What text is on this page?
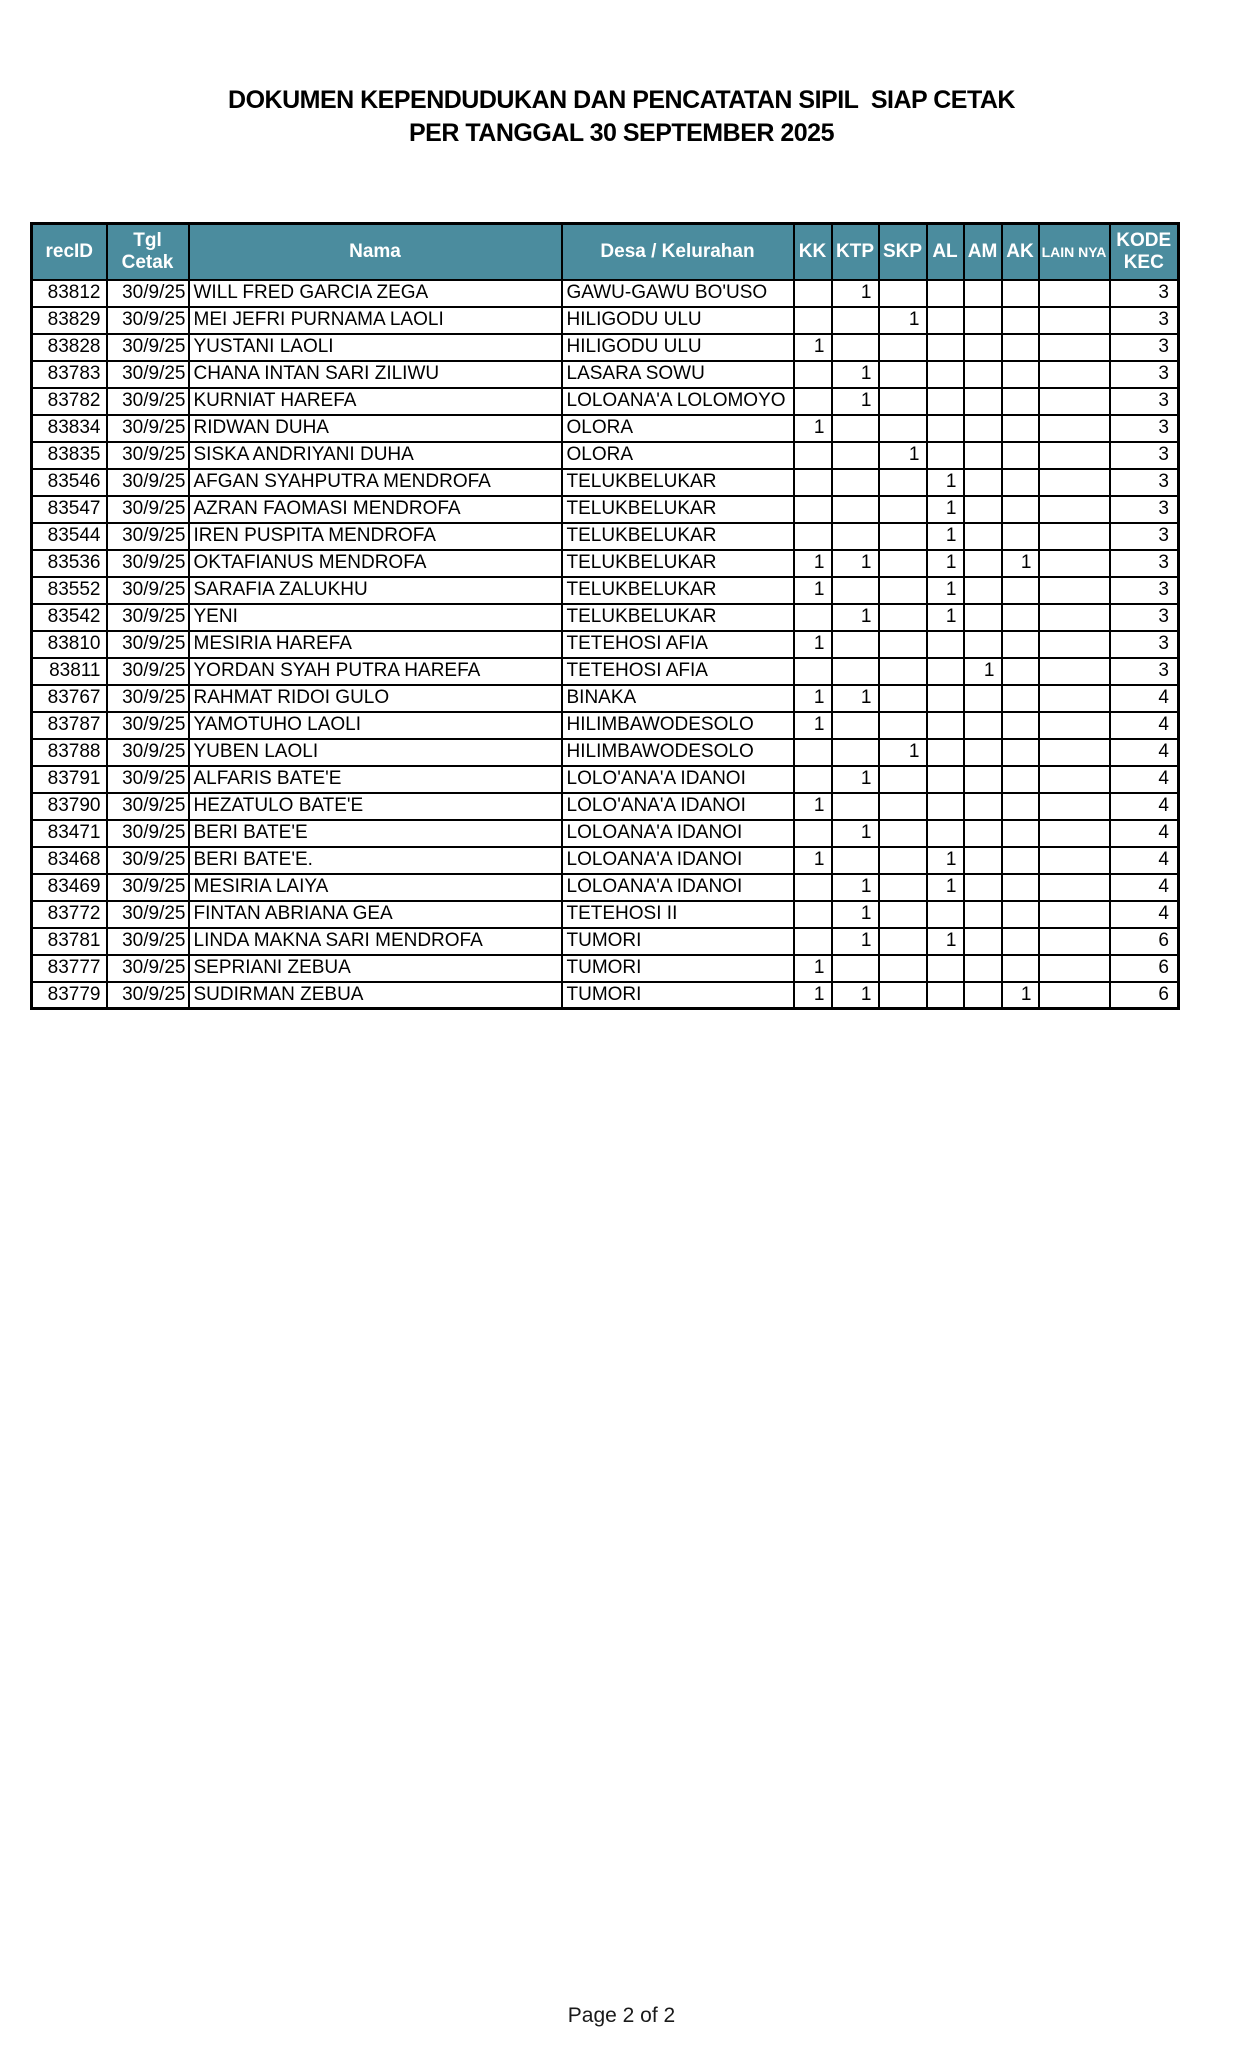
DOKUMEN KEPENDUDUKAN DAN PENCATATAN SIPIL  SIAP CETAK
PER TANGGAL 30 SEPTEMBER 2025
recID	Tgl Cetak	Nama	Desa / Kelurahan	KK	KTP	SKP	AL	AM	AK	LAIN NYA	KODE KEC
83812	30/9/25	WILL FRED GARCIA ZEGA	GAWU-GAWU BO'USO		1						3
83829	30/9/25	MEI JEFRI PURNAMA LAOLI	HILIGODU ULU			1					3
83828	30/9/25	YUSTANI LAOLI	HILIGODU ULU	1							3
83783	30/9/25	CHANA INTAN SARI ZILIWU	LASARA SOWU		1						3
83782	30/9/25	KURNIAT HAREFA	LOLOANA'A LOLOMOYO		1						3
83834	30/9/25	RIDWAN DUHA	OLORA	1							3
83835	30/9/25	SISKA ANDRIYANI DUHA	OLORA			1					3
83546	30/9/25	AFGAN SYAHPUTRA MENDROFA	TELUKBELUKAR				1				3
83547	30/9/25	AZRAN FAOMASI MENDROFA	TELUKBELUKAR				1				3
83544	30/9/25	IREN PUSPITA MENDROFA	TELUKBELUKAR				1				3
83536	30/9/25	OKTAFIANUS MENDROFA	TELUKBELUKAR	1	1		1		1		3
83552	30/9/25	SARAFIA ZALUKHU	TELUKBELUKAR	1			1				3
83542	30/9/25	YENI	TELUKBELUKAR		1		1				3
83810	30/9/25	MESIRIA HAREFA	TETEHOSI AFIA	1							3
83811	30/9/25	YORDAN SYAH PUTRA HAREFA	TETEHOSI AFIA					1			3
83767	30/9/25	RAHMAT RIDOI GULO	BINAKA	1	1						4
83787	30/9/25	YAMOTUHO LAOLI	HILIMBAWODESOLO	1							4
83788	30/9/25	YUBEN LAOLI	HILIMBAWODESOLO			1					4
83791	30/9/25	ALFARIS BATE'E	LOLO'ANA'A IDANOI		1						4
83790	30/9/25	HEZATULO BATE'E	LOLO'ANA'A IDANOI	1							4
83471	30/9/25	BERI BATE'E	LOLOANA'A IDANOI		1						4
83468	30/9/25	BERI BATE'E.	LOLOANA'A IDANOI	1			1				4
83469	30/9/25	MESIRIA LAIYA	LOLOANA'A IDANOI		1		1				4
83772	30/9/25	FINTAN ABRIANA GEA	TETEHOSI II		1						4
83781	30/9/25	LINDA MAKNA SARI MENDROFA	TUMORI		1		1				6
83777	30/9/25	SEPRIANI ZEBUA	TUMORI	1							6
83779	30/9/25	SUDIRMAN ZEBUA	TUMORI	1	1				1		6
Page 2 of 2
